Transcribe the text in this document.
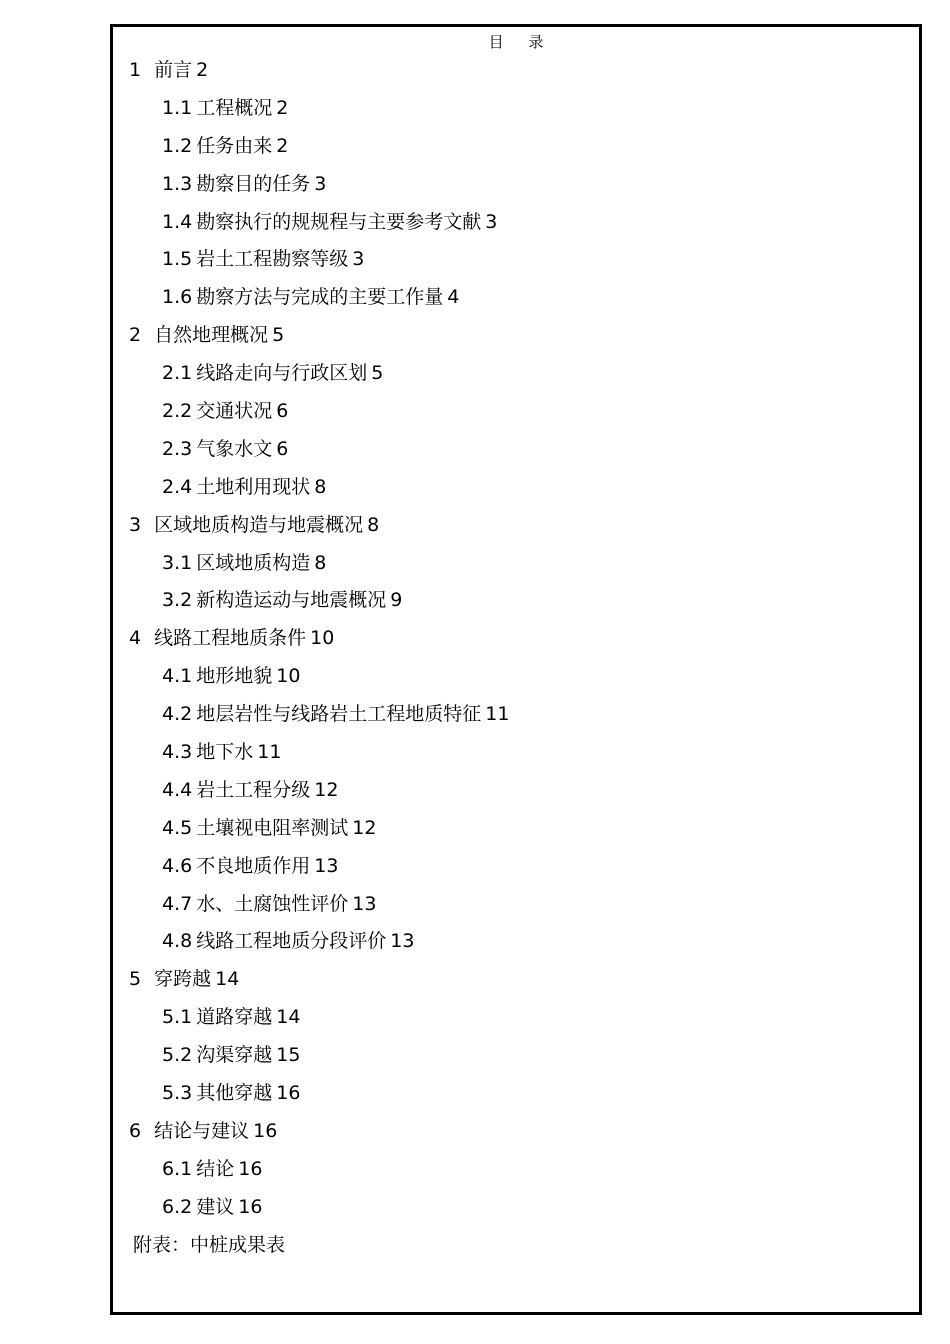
目 录
1 前言 2
1.1 工程概况 2
1.2 任务由来 2
1.3 勘察目的任务 3
1.4 勘察执行的规规程与主要参考文献 3
1.5 岩土工程勘察等级 3
1.6 勘察方法与完成的主要工作量 4
2 自然地理概况 5
2.1 线路走向与行政区划 5
2.2 交通状况 6
2.3 气象水文 6
2.4 土地利用现状 8
3 区域地质构造与地震概况 8
3.1 区域地质构造 8
3.2 新构造运动与地震概况 9
4 线路工程地质条件 10
4.1 地形地貌 10
4.2 地层岩性与线路岩土工程地质特征 11
4.3 地下水 11
4.4 岩土工程分级 12
4.5 土壤视电阻率测试 12
4.6 不良地质作用 13
4.7 水、土腐蚀性评价 13
4.8 线路工程地质分段评价 13
5 穿跨越 14
5.1 道路穿越 14
5.2 沟渠穿越 15
5.3 其他穿越 16
6 结论与建议 16
6.1 结论 16
6.2 建议 16
附表：中桩成果表
